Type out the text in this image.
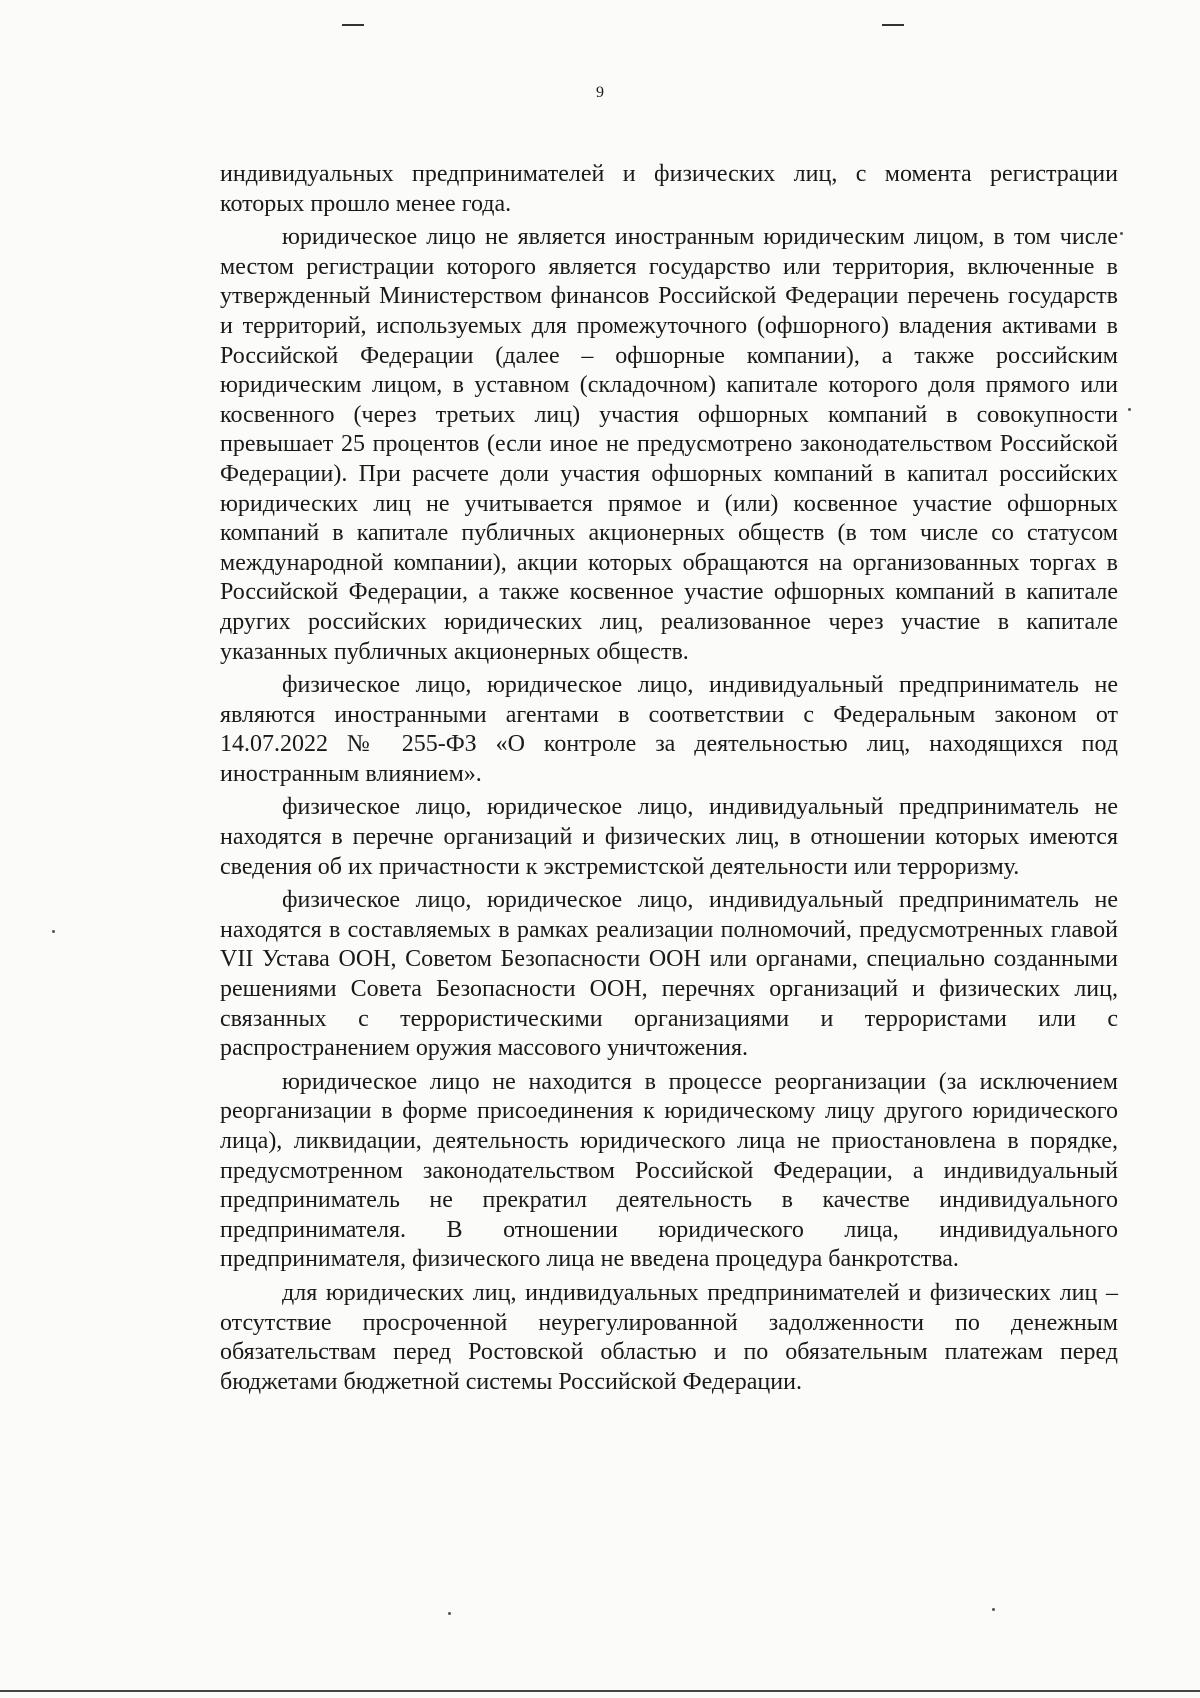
9

индивидуальных предпринимателей и физических лиц, с момента регистрации которых прошло менее года.

юридическое лицо не является иностранным юридическим лицом, в том числе местом регистрации которого является государство или территория, включенные в утвержденный Министерством финансов Российской Федерации перечень государств и территорий, используемых для промежуточного (офшорного) владения активами в Российской Федерации (далее – офшорные компании), а также российским юридическим лицом, в уставном (складочном) капитале которого доля прямого или косвенного (через третьих лиц) участия офшорных компаний в совокупности превышает 25 процентов (если иное не предусмотрено законодательством Российской Федерации). При расчете доли участия офшорных компаний в капитал российских юридических лиц не учитывается прямое и (или) косвенное участие офшорных компаний в капитале публичных акционерных обществ (в том числе со статусом международной компании), акции которых обращаются на организованных торгах в Российской Федерации, а также косвенное участие офшорных компаний в капитале других российских юридических лиц, реализованное через участие в капитале указанных публичных акционерных обществ.

физическое лицо, юридическое лицо, индивидуальный предприниматель не являются иностранными агентами в соответствии с Федеральным законом от 14.07.2022 № 255-ФЗ «О контроле за деятельностью лиц, находящихся под иностранным влиянием».

физическое лицо, юридическое лицо, индивидуальный предприниматель не находятся в перечне организаций и физических лиц, в отношении которых имеются сведения об их причастности к экстремистской деятельности или терроризму.

физическое лицо, юридическое лицо, индивидуальный предприниматель не находятся в составляемых в рамках реализации полномочий, предусмотренных главой VII Устава ООН, Советом Безопасности ООН или органами, специально созданными решениями Совета Безопасности ООН, перечнях организаций и физических лиц, связанных с террористическими организациями и террористами или с распространением оружия массового уничтожения.

юридическое лицо не находится в процессе реорганизации (за исключением реорганизации в форме присоединения к юридическому лицу другого юридического лица), ликвидации, деятельность юридического лица не приостановлена в порядке, предусмотренном законодательством Российской Федерации, а индивидуальный предприниматель не прекратил деятельность в качестве индивидуального предпринимателя. В отношении юридического лица, индивидуального предпринимателя, физического лица не введена процедура банкротства.

для юридических лиц, индивидуальных предпринимателей и физических лиц – отсутствие просроченной неурегулированной задолженности по денежным обязательствам перед Ростовской областью и по обязательным платежам перед бюджетами бюджетной системы Российской Федерации.
